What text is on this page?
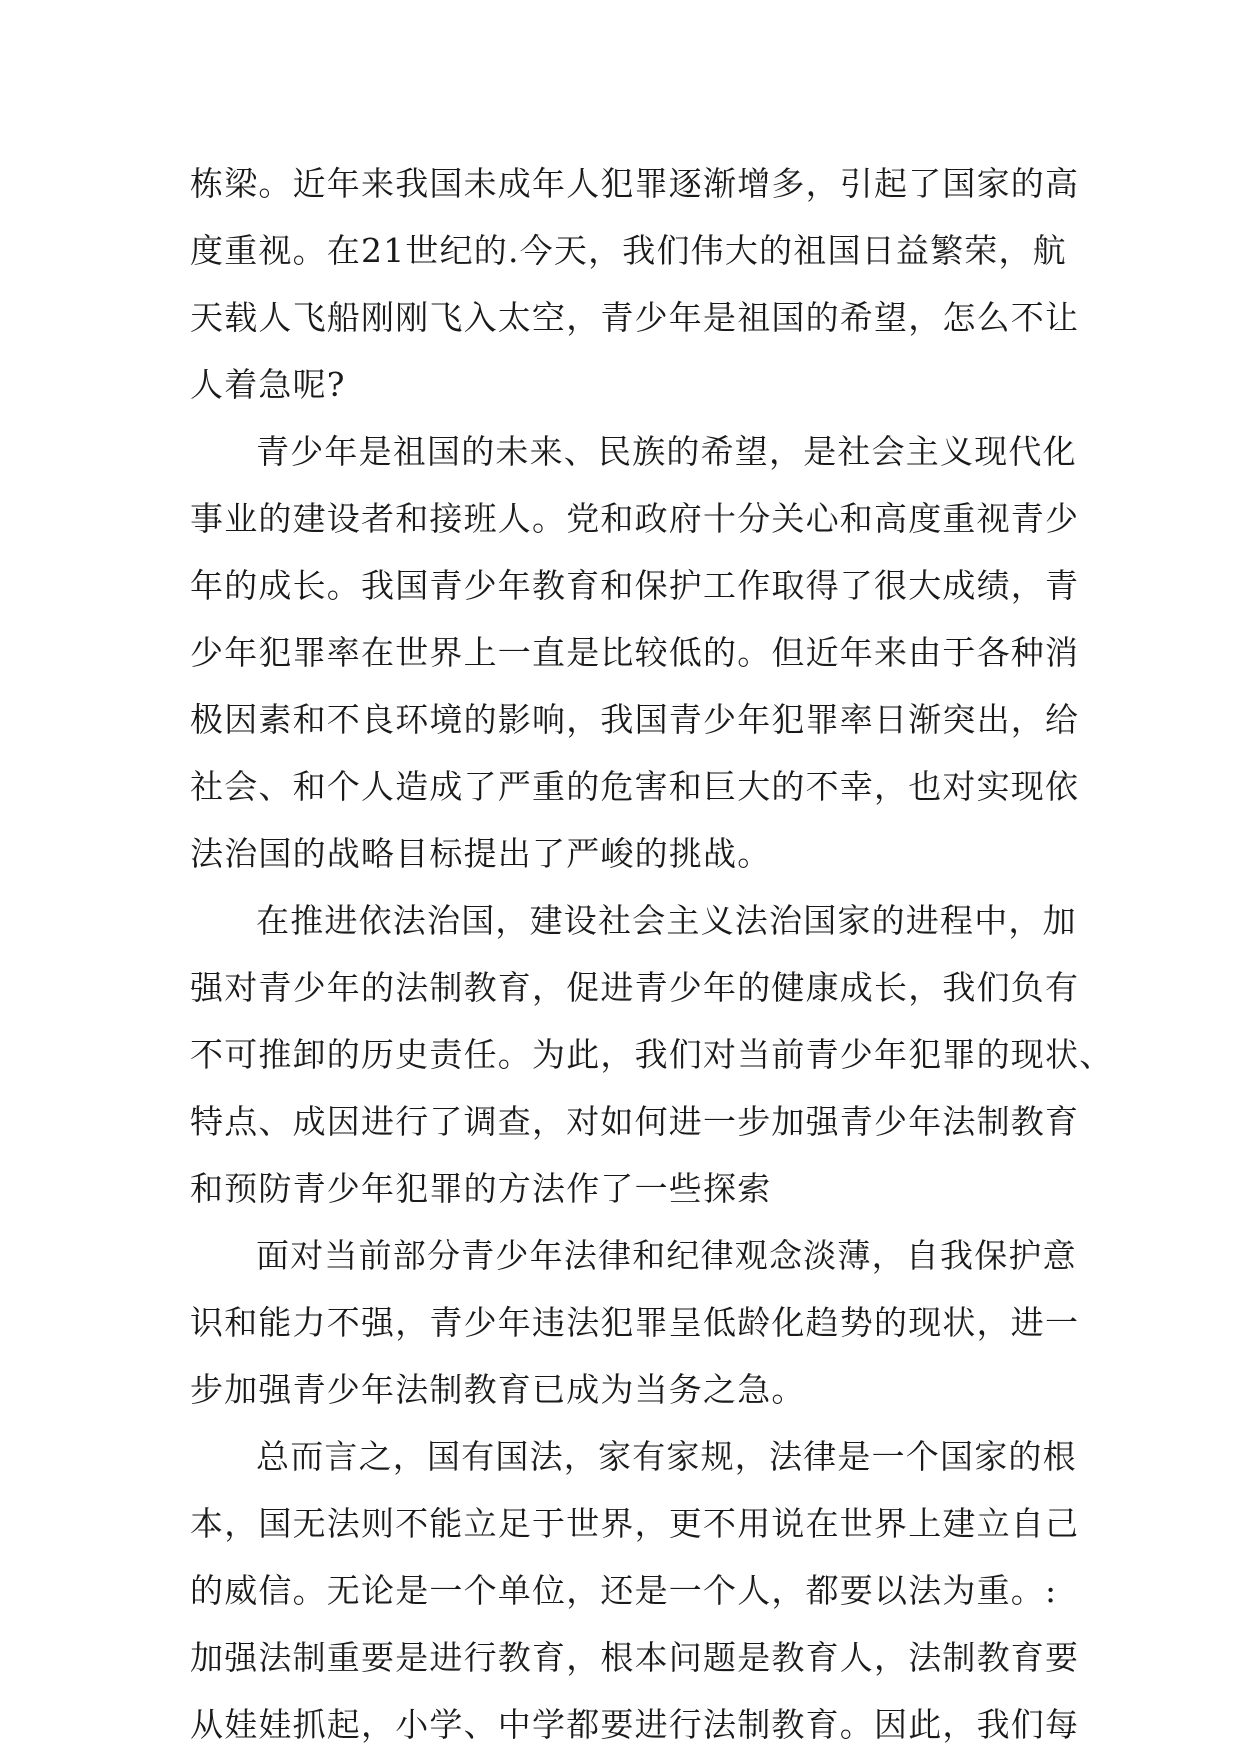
栋梁。近年来我国未成年人犯罪逐渐增多，引起了国家的高
度重视。在21世纪的.今天，我们伟大的祖国日益繁荣，航
天载人飞船刚刚飞入太空，青少年是祖国的希望，怎么不让
人着急呢?
青少年是祖国的未来、民族的希望，是社会主义现代化
事业的建设者和接班人。党和政府十分关心和高度重视青少
年的成长。我国青少年教育和保护工作取得了很大成绩，青
少年犯罪率在世界上一直是比较低的。但近年来由于各种消
极因素和不良环境的影响，我国青少年犯罪率日渐突出，给
社会、和个人造成了严重的危害和巨大的不幸，也对实现依
法治国的战略目标提出了严峻的挑战。
在推进依法治国，建设社会主义法治国家的进程中，加
强对青少年的法制教育，促进青少年的健康成长，我们负有
不可推卸的历史责任。为此，我们对当前青少年犯罪的现状、
特点、成因进行了调查，对如何进一步加强青少年法制教育
和预防青少年犯罪的方法作了一些探索
面对当前部分青少年法律和纪律观念淡薄，自我保护意
识和能力不强，青少年违法犯罪呈低龄化趋势的现状，进一
步加强青少年法制教育已成为当务之急。
总而言之，国有国法，家有家规，法律是一个国家的根
本，国无法则不能立足于世界，更不用说在世界上建立自己
的威信。无论是一个单位，还是一个人，都要以法为重。:
加强法制重要是进行教育，根本问题是教育人，法制教育要
从娃娃抓起，小学、中学都要进行法制教育。因此，我们每
